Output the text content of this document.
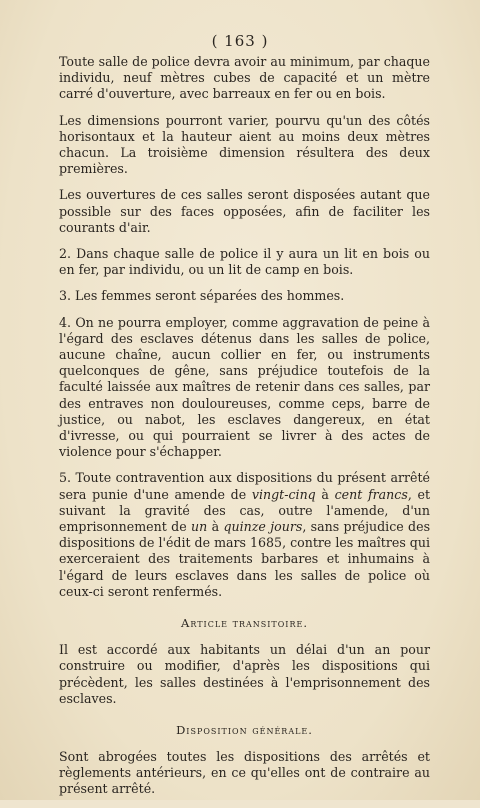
( 163 )

Toute salle de police devra avoir au minimum, par chaque individu, neuf mètres cubes de capacité et un mètre carré d'ouverture, avec barreaux en fer ou en bois.

Les dimensions pourront varier, pourvu qu'un des côtés horisontaux et la hauteur aient au moins deux mètres chacun. La troisième dimension résultera des deux premières.

Les ouvertures de ces salles seront disposées autant que possible sur des faces opposées, afin de faciliter les courants d'air.

2. Dans chaque salle de police il y aura un lit en bois ou en fer, par individu, ou un lit de camp en bois.

3. Les femmes seront séparées des hommes.

4. On ne pourra employer, comme aggravation de peine à l'égard des esclaves détenus dans les salles de police, aucune chaîne, aucun collier en fer, ou instruments quelconques de gêne, sans préjudice toutefois de la faculté laissée aux maîtres de retenir dans ces salles, par des entraves non douloureuses, comme ceps, barre de justice, ou nabot, les esclaves dangereux, en état d'ivresse, ou qui pourraient se livrer à des actes de violence pour s'échapper.

5. Toute contravention aux dispositions du présent arrêté sera punie d'une amende de vingt-cinq à cent francs, et suivant la gravité des cas, outre l'amende, d'un emprisonnement de un à quinze jours, sans préjudice des dispositions de l'édit de mars 1685, contre les maîtres qui exerceraient des traitements barbares et inhumains à l'égard de leurs esclaves dans les salles de police où ceux-ci seront renfermés.

Article transitoire.

Il est accordé aux habitants un délai d'un an pour construire ou modifier, d'après les dispositions qui précèdent, les salles destinées à l'emprisonnement des esclaves.

Disposition générale.

Sont abrogées toutes les dispositions des arrêtés et règlements antérieurs, en ce qu'elles ont de contraire au présent arrêté.
